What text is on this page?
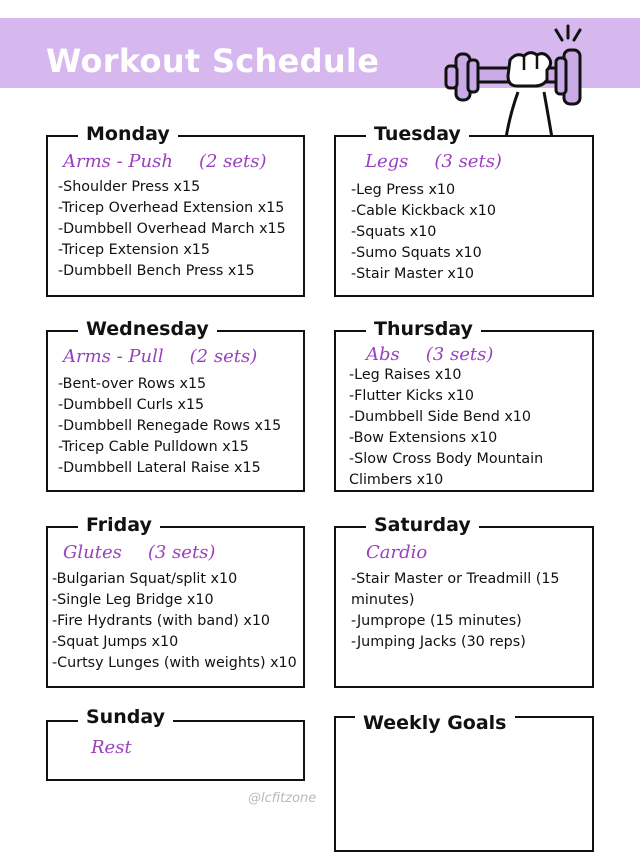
Workout Schedule
Monday
Arms - Push (2 sets)
-Shoulder Press x15
-Tricep Overhead Extension x15
-Dumbbell Overhead March x15
-Tricep Extension x15
-Dumbbell Bench Press x15
Tuesday
Legs (3 sets)
-Leg Press x10
-Cable Kickback x10
-Squats x10
-Sumo Squats x10
-Stair Master x10
Wednesday
Arms - Pull (2 sets)
-Bent-over Rows x15
-Dumbbell Curls x15
-Dumbbell Renegade Rows x15
-Tricep Cable Pulldown x15
-Dumbbell Lateral Raise x15
Thursday
Abs (3 sets)
-Leg Raises x10
-Flutter Kicks x10
-Dumbbell Side Bend x10
-Bow Extensions x10
-Slow Cross Body Mountain
Climbers x10
Friday
Glutes (3 sets)
-Bulgarian Squat/split x10
-Single Leg Bridge x10
-Fire Hydrants (with band) x10
-Squat Jumps x10
-Curtsy Lunges (with weights) x10
Saturday
Cardio
-Stair Master or Treadmill (15
minutes)
-Jumprope (15 minutes)
-Jumping Jacks (30 reps)
Sunday
Rest
Weekly Goals
@lcfitzone
